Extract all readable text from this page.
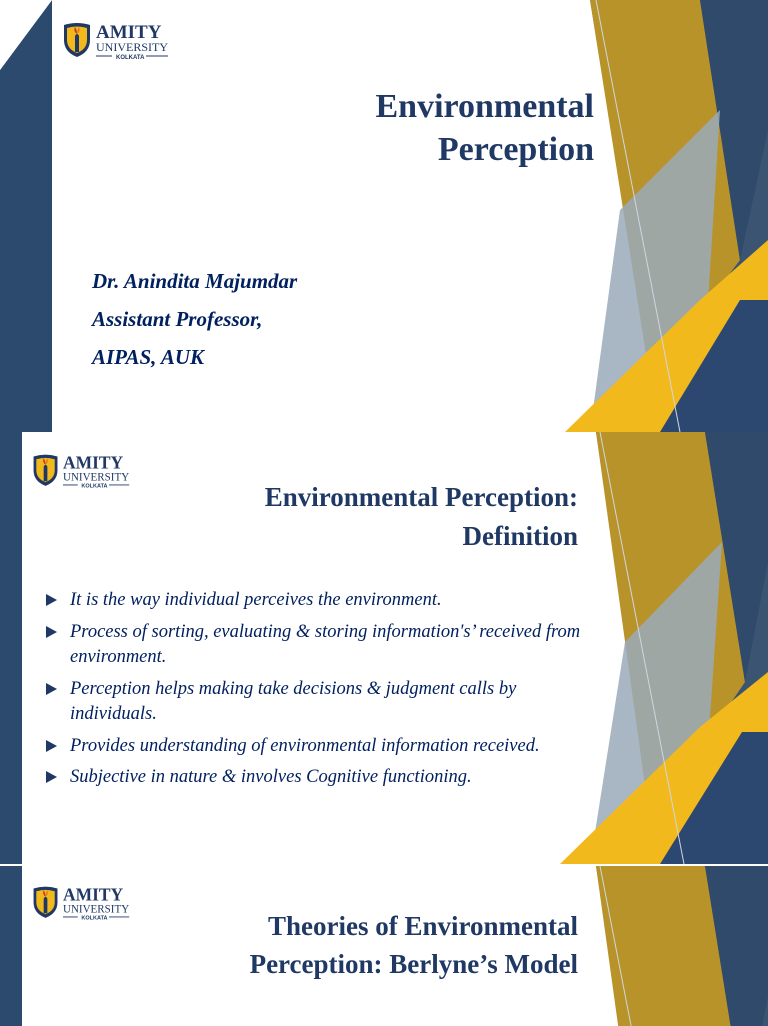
AMITY
UNIVERSITY
KOLKATA
Environmental
Perception
Dr. Anindita Majumdar
Assistant Professor,
AIPAS, AUK
AMITY
UNIVERSITY
KOLKATA	Environmental Perception:
Definition
It is the way individual perceives the environment.
Process of sorting, evaluating & storing information's’ received from environment.
Perception helps making take decisions & judgment calls by individuals.
Provides understanding of environmental information received.
Subjective in nature & involves Cognitive functioning.
AMITY
UNIVERSITY
KOLKATA	Theories of Environmental
Perception: Berlyne’s Model
